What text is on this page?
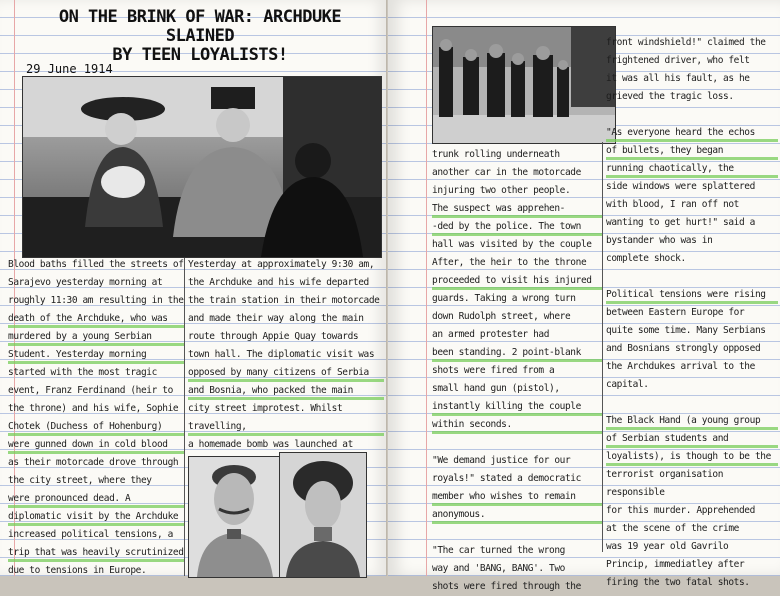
ON THE BRINK OF WAR: ARCHDUKE SLAINED
BY TEEN LOYALISTS!
29 June 1914
Blood baths filled the streets of
Sarajevo yesterday morning at
roughly 11:30 am resulting in the
death of the Archduke, who was
murdered by a young Serbian
Student. Yesterday morning
started with the most tragic
event, Franz Ferdinand (heir to
the throne) and his wife, Sophie
Chotek (Duchess of Hohenburg)
were gunned down in cold blood
as their motorcade drove through
the city street, where they
were pronounced dead. A
diplomatic visit by the Archduke
increased political tensions, a
trip that was heavily scrutinized
due to tensions in Europe.
Yesterday at approximately 9:30 am,
the Archduke and his wife departed
the train station in their motorcade
and made their way along the main
route through Appie Quay towards
town hall. The diplomatic visit was
opposed by many citizens of Serbia
and Bosnia, who packed the main
city street improtest. Whilst travelling,
a homemade bomb was launched at
trunk rolling underneath
another car in the motorcade
injuring two other people.
The suspect was apprehen-
-ded by the police. The town
hall was visited by the couple
After, the heir to the throne
proceeded to visit his injured
guards. Taking a wrong turn
down Rudolph street, where
an armed protester had
been standing. 2 point-blank
shots were fired from a
small hand gun (pistol),
instantly killing the couple
within seconds.

"We demand justice for our
royals!" stated a democratic
member who wishes to remain
anonymous.

"The car turned the wrong
way and 'BANG, BANG'. Two
shots were fired through the
front windshield!" claimed the
frightened driver, who felt
it was all his fault, as he
grieved the tragic loss.

"As everyone heard the echos
of bullets, they began
running chaotically, the
side windows were splattered
with blood, I ran off not
wanting to get hurt!" said a
bystander who was in
complete shock.

Political tensions were rising
between Eastern Europe for
quite some time. Many Serbians
and Bosnians strongly opposed
the Archdukes arrival to the
capital.

The Black Hand (a young group
of Serbian students and
loyalists), is though to be the
terrorist organisation responsible
for this murder. Apprehended
at the scene of the crime
was 19 year old Gavrilo
Princip, immediatley after
firing the two fatal shots.
